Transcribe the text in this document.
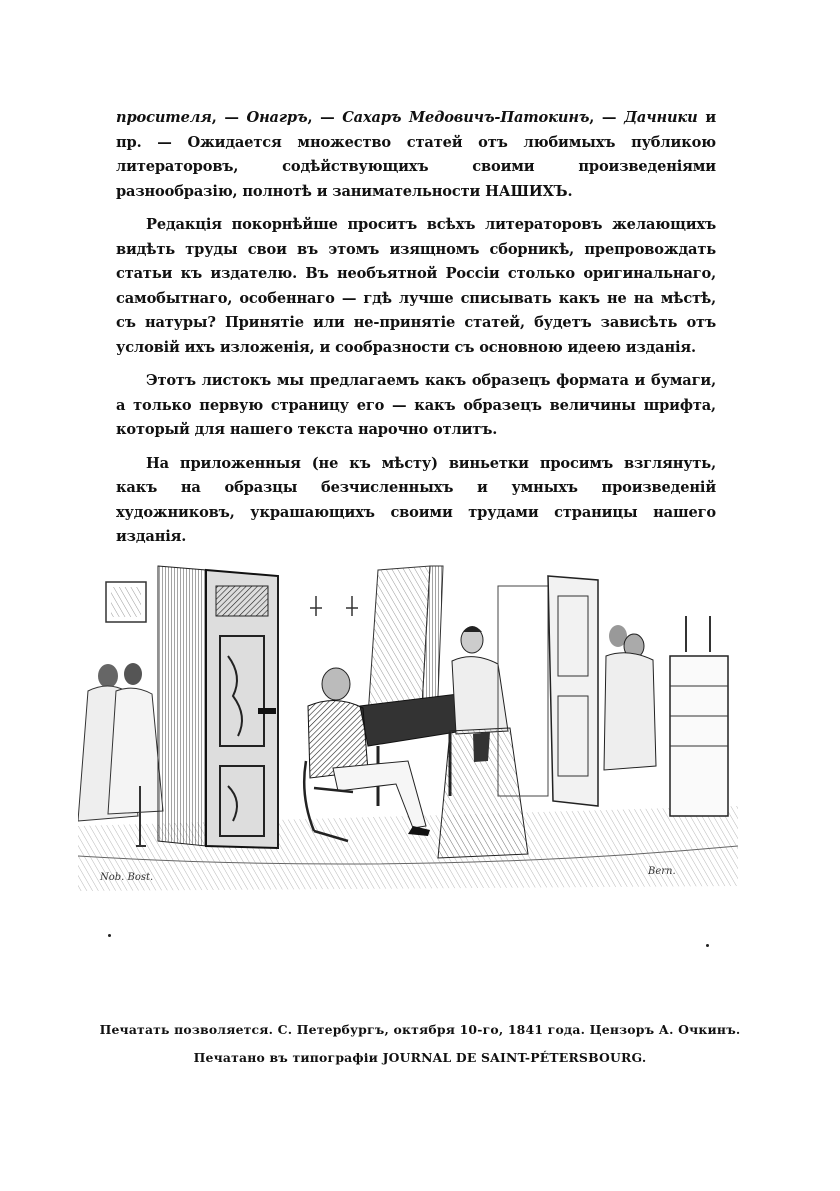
просителя, — Онагръ, — Сахаръ Медовичъ-Патокинъ, — Дачники и пр. — Ожидается множество статей отъ любимыхъ публикою литераторовъ, содѣйствующихъ своими произведеніями разнообразію, полнотѣ и занимательности НАШИХЪ.

Редакція покорнѣйше проситъ всѣхъ литераторовъ желающихъ видѣть труды свои въ этомъ изящномъ сборникѣ, препровождать статьи къ издателю. Въ необъятной Россіи столько оригинальнаго, самобытнаго, особеннаго — гдѣ лучше списывать какъ не на мѣстѣ, съ натуры? Принятіе или не-принятіе статей, будетъ зависѣть отъ условій ихъ изложенія, и сообразности съ основною идеею изданія.

Этотъ листокъ мы предлагаемъ какъ образецъ формата и бумаги, а только первую страницу его — какъ образецъ величины шрифта, который для нашего текста нарочно отлитъ.

На приложенныя (не къ мѣсту) виньетки просимъ взглянуть, какъ на образцы безчисленныхъ и умныхъ произведеній художниковъ, украшающихъ своими трудами страницы нашего изданія.

Nob. Bost.
Bern.
Печатать позволяется. С. Петербургъ, октября 10-го, 1841 года. Цензоръ А. Очкинъ.
Печатано въ типографіи JOURNAL DE SAINT-PÉTERSBOURG.
